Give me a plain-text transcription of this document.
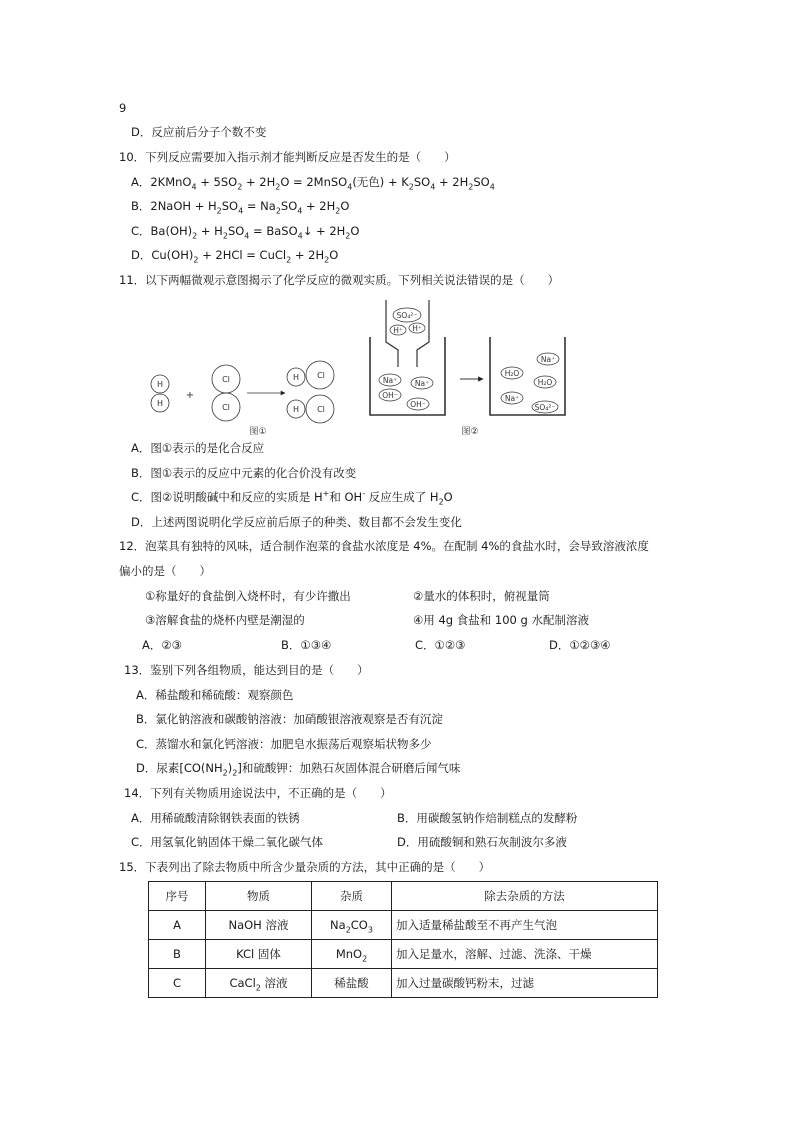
9
D．反应前后分子个数不变
10．下列反应需要加入指示剂才能判断反应是否发生的是（　　）
A．2KMnO$_4$ + $5SO_2 + 2H_2O$ = 2MnSO$_4$(无色) + $K_2SO_4 + 2H_2SO_4$
B．2NaOH + $H_2SO_4 = Na_2SO_4 + 2H_2O$
C．$Ba(OH)_2 + H_2SO_4$ = BaSO$_4$↓ + $2H_2O$
D．$Cu(OH)_2 + 2HCl$ = CuCl$_2$ + $2H_2O$
11．以下两幅微观示意图揭示了化学反应的微观实质。下列相关说法错误的是（　　）
H
H
+
Cl
Cl
H Cl
H Cl
图①
SO₄²⁻
H⁺ H⁺
Na⁺ Na⁺
OH⁻
OH⁻
H₂O
Na⁺
H₂O
Na⁺
SO₄²⁻
图②
A．图①表示的是化合反应
B．图①表示的反应中元素的化合价没有改变
C．图②说明酸碱中和反应的实质是 H+和 OH- 反应生成了 $H_2O$
D．上述两图说明化学反应前后原子的种类、数目都不会发生变化
12．泡菜具有独特的风味，适合制作泡菜的食盐水浓度是 4%。在配制 4%的食盐水时，会导致溶液浓度
偏小的是（　　）
①称量好的食盐倒入烧杯时，有少许撒出	②量水的体积时，俯视量筒
③溶解食盐的烧杯内壁是潮湿的	④用 4g 食盐和 100 g 水配制溶液
A．②③	B．①③④	C．①②③	D．①②③④
13．鉴别下列各组物质，能达到目的是（　　）
A．稀盐酸和稀硫酸：观察颜色
B．氯化钠溶液和碳酸钠溶液：加硝酸银溶液观察是否有沉淀
C．蒸馏水和氯化钙溶液：加肥皂水振荡后观察垢状物多少
D．尿素$[CO(NH_2)_2]$和硫酸钾：加熟石灰固体混合研磨后闻气味
14．下列有关物质用途说法中，不正确的是（　　）
A．用稀硫酸清除钢铁表面的铁锈	B．用碳酸氢钠作焙制糕点的发酵粉
C．用氢氧化钠固体干燥二氧化碳气体	D．用硫酸铜和熟石灰制波尔多液
15．下表列出了除去物质中所含少量杂质的方法，其中正确的是（　　）
序号	物质	杂质	除去杂质的方法
A	NaOH 溶液	$Na_2CO_3$	加入适量稀盐酸至不再产生气泡
B	KCl 固体	MnO$_2$	加入足量水，溶解、过滤、洗涤、干燥
C	CaCl$_2$ 溶液	稀盐酸	加入过量碳酸钙粉末，过滤
